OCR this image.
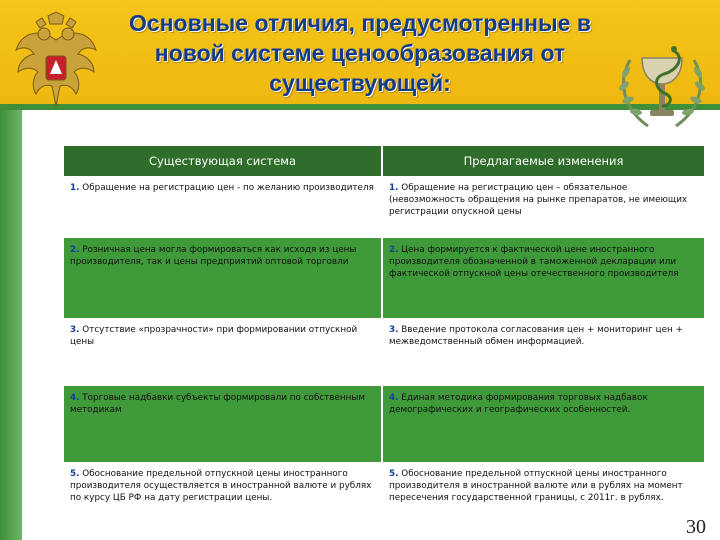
Основные отличия, предусмотренные в
новой системе ценообразования от
существующей:
Существующая система	Предлагаемые изменения
1. Обращение на регистрацию цен - по желанию производителя	1. Обращение на регистрацию цен – обязательное (невозможность обращения на рынке препаратов, не имеющих регистрации опускной цены
2. Розничная цена могла формироваться как исходя из цены производителя, так и цены предприятий оптовой торговли	2. Цена формируется к фактической цене иностранного производителя обозначенной в таможенной декларации или фактической отпускной цены отечественного производителя
3. Отсутствие «прозрачности» при формировании отпускной цены	3. Введение протокола согласования цен + мониторинг цен + межведомственный обмен информацией.
4. Торговые надбавки субъекты формировали по собственным методикам	4. Единая методика формирования торговых надбавок демографических и географических особенностей.
5. Обоснование предельной отпускной цены иностранного производителя осуществляется в иностранной валюте и рублях по курсу ЦБ РФ на дату регистрации цены.	5. Обоснование предельной отпускной цены иностранного производителя в иностранной валюте или в рублях на момент пересечения государственной границы, с 2011г. в рублях.
30
